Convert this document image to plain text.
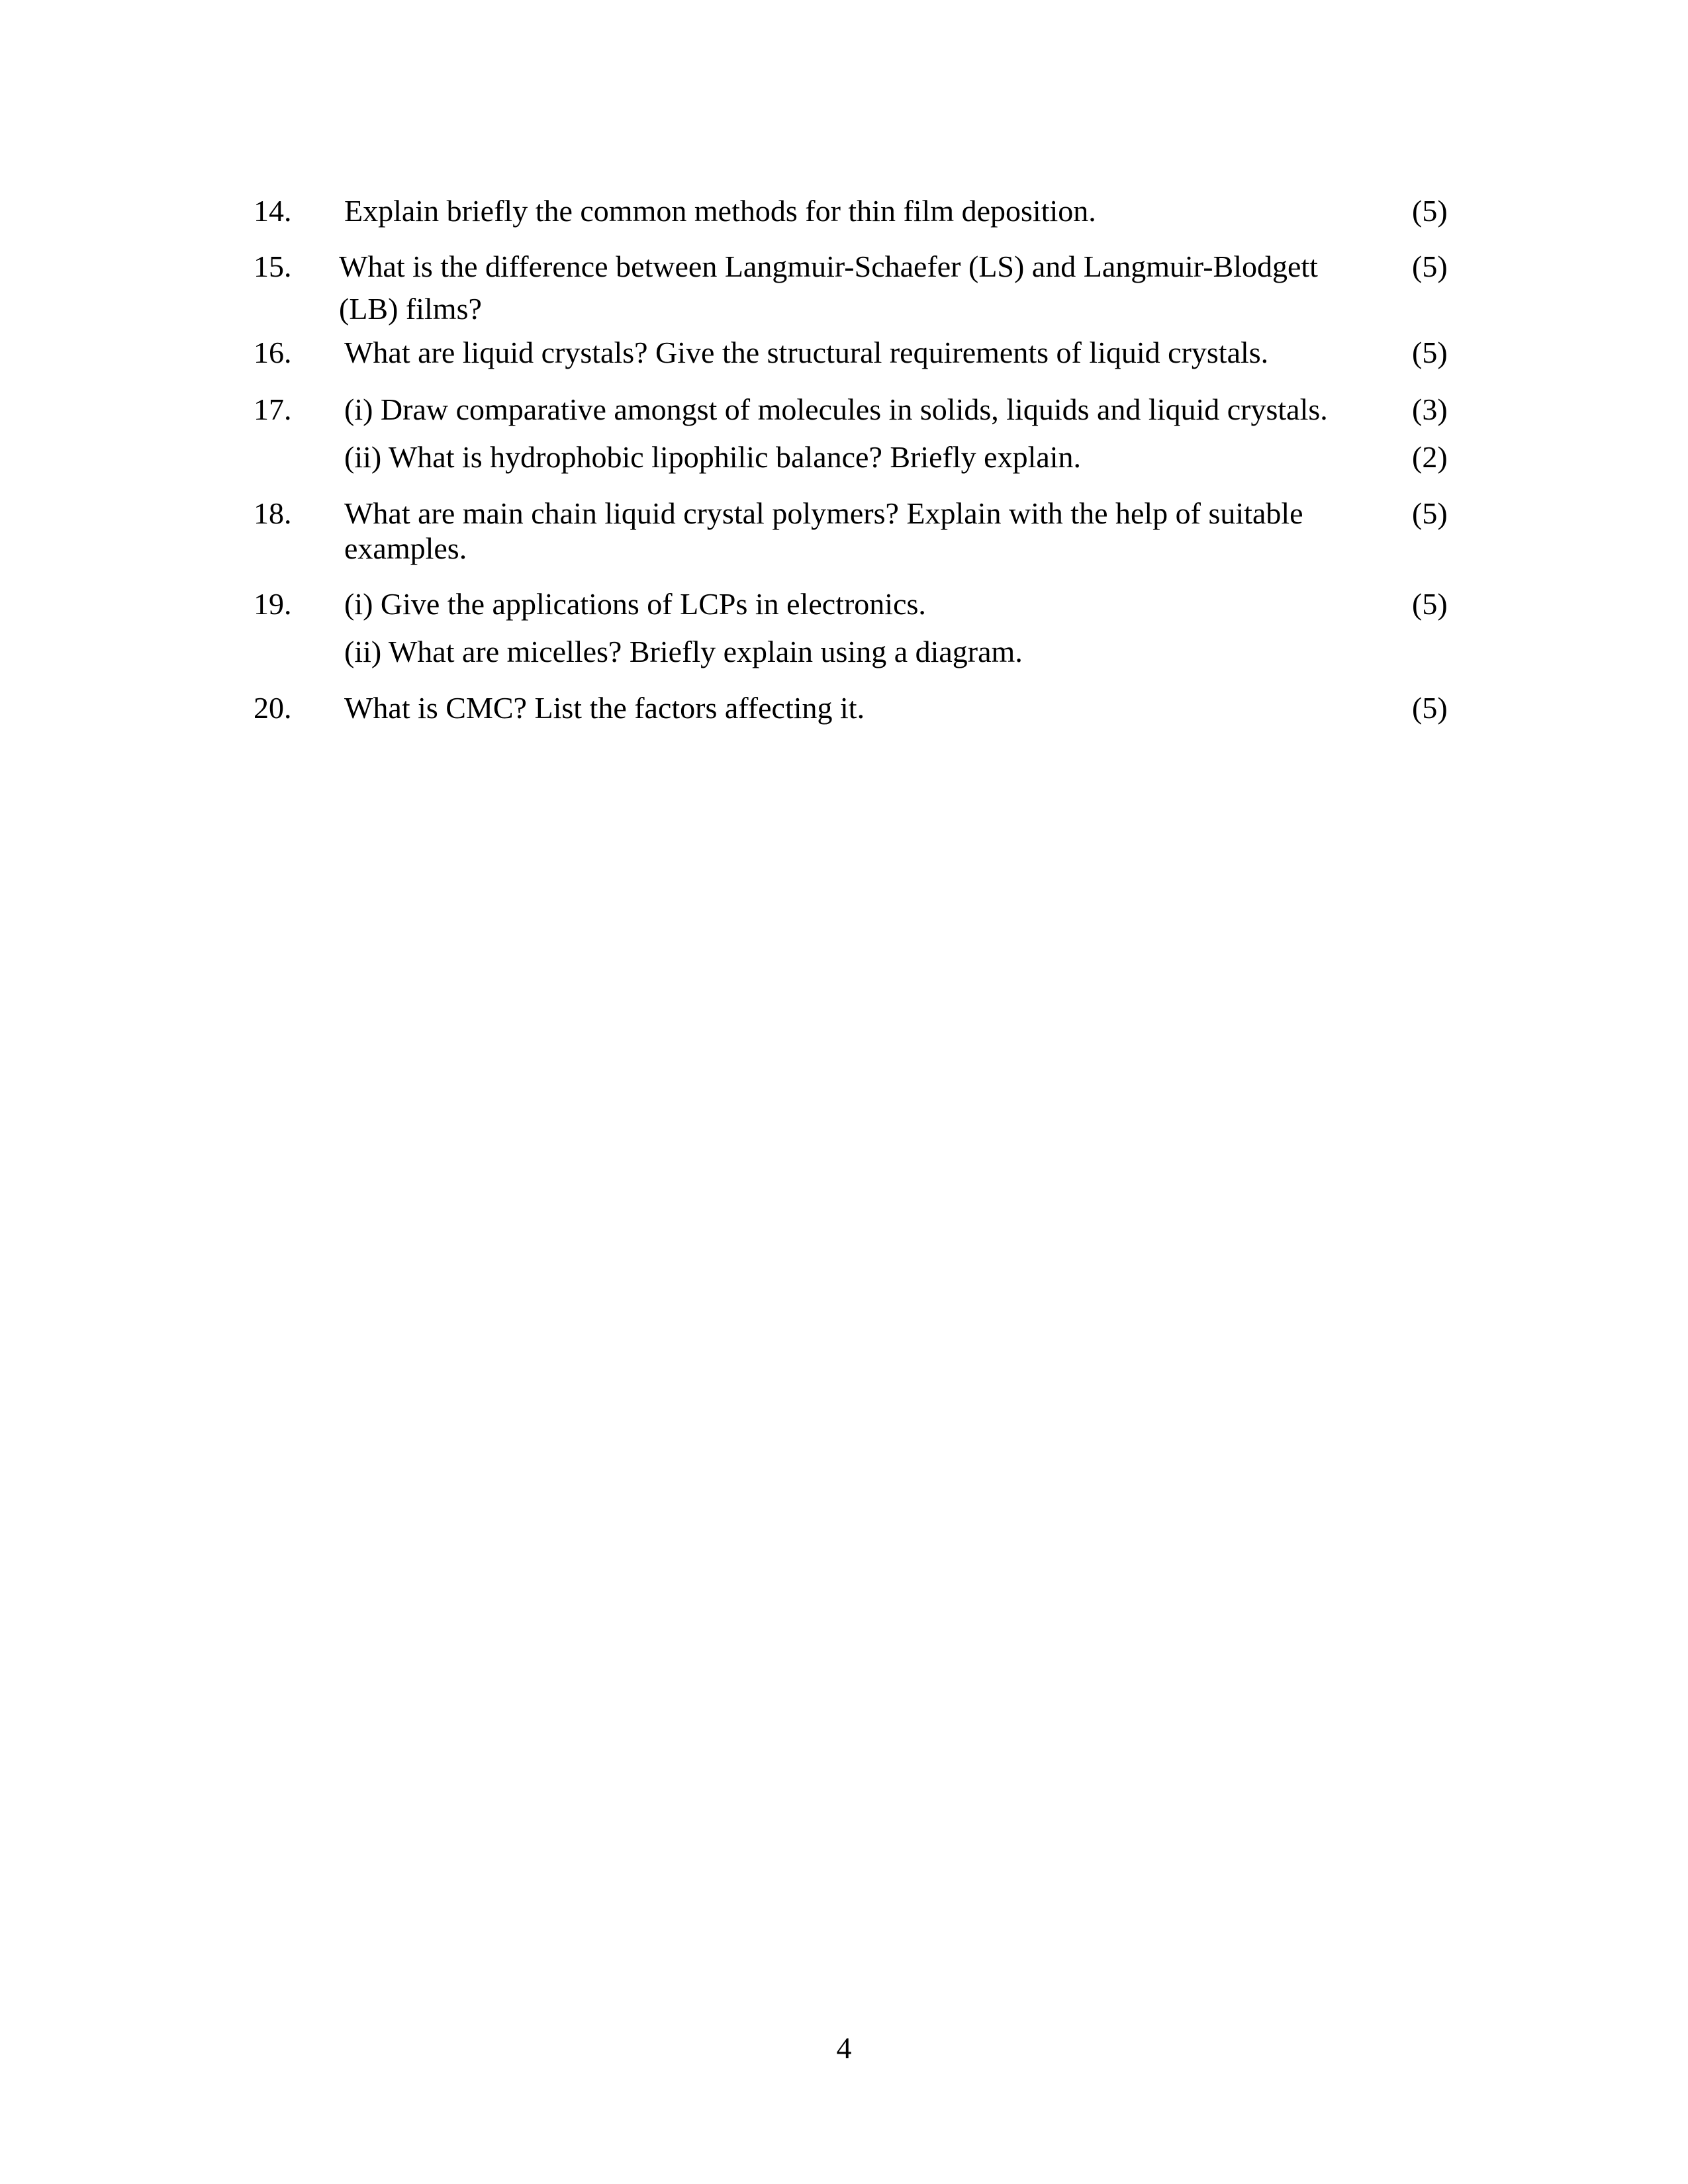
14. Explain briefly the common methods for thin film deposition.	(5)
15. What is the difference between Langmuir-Schaefer (LS) and Langmuir-Blodgett	(5)
(LB) films?
16. What are liquid crystals? Give the structural requirements of liquid crystals.	(5)
17. (i) Draw comparative amongst of molecules in solids, liquids and liquid crystals.	(3)
(ii) What is hydrophobic lipophilic balance? Briefly explain.	(2)
18. What are main chain liquid crystal polymers? Explain with the help of suitable	(5)
examples.
19. (i) Give the applications of LCPs in electronics.	(5)
(ii) What are micelles? Briefly explain using a diagram.
20. What is CMC? List the factors affecting it.	(5)
4
